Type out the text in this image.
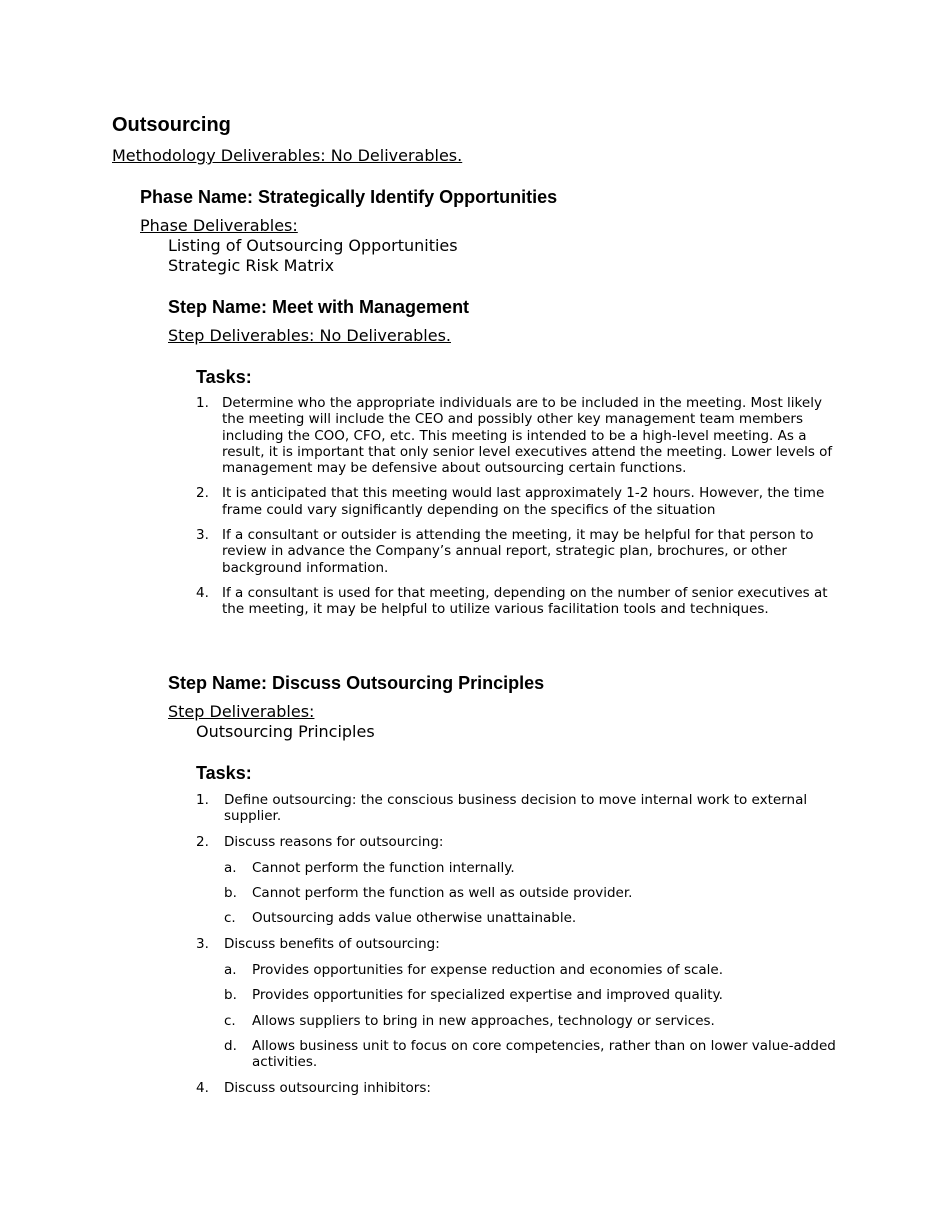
Outsourcing
Methodology Deliverables: No Deliverables.
Phase Name: Strategically Identify Opportunities
Phase Deliverables:
Listing of Outsourcing Opportunities
Strategic Risk Matrix
Step Name: Meet with Management
Step Deliverables: No Deliverables.
Tasks:
1. Determine who the appropriate individuals are to be included in the meeting. Most likely the meeting will include the CEO and possibly other key management team members including the COO, CFO, etc. This meeting is intended to be a high-level meeting. As a result, it is important that only senior level executives attend the meeting. Lower levels of management may be defensive about outsourcing certain functions.
2. It is anticipated that this meeting would last approximately 1-2 hours. However, the time frame could vary significantly depending on the specifics of the situation
3. If a consultant or outsider is attending the meeting, it may be helpful for that person to review in advance the Company’s annual report, strategic plan, brochures, or other background information.
4. If a consultant is used for that meeting, depending on the number of senior executives at the meeting, it may be helpful to utilize various facilitation tools and techniques.
Step Name: Discuss Outsourcing Principles
Step Deliverables:
Outsourcing Principles
Tasks:
1. Define outsourcing: the conscious business decision to move internal work to external supplier.
2. Discuss reasons for outsourcing:
a. Cannot perform the function internally.
b. Cannot perform the function as well as outside provider.
c. Outsourcing adds value otherwise unattainable.
3. Discuss benefits of outsourcing:
a. Provides opportunities for expense reduction and economies of scale.
b. Provides opportunities for specialized expertise and improved quality.
c. Allows suppliers to bring in new approaches, technology or services.
d. Allows business unit to focus on core competencies, rather than on lower value-added activities.
4. Discuss outsourcing inhibitors:
